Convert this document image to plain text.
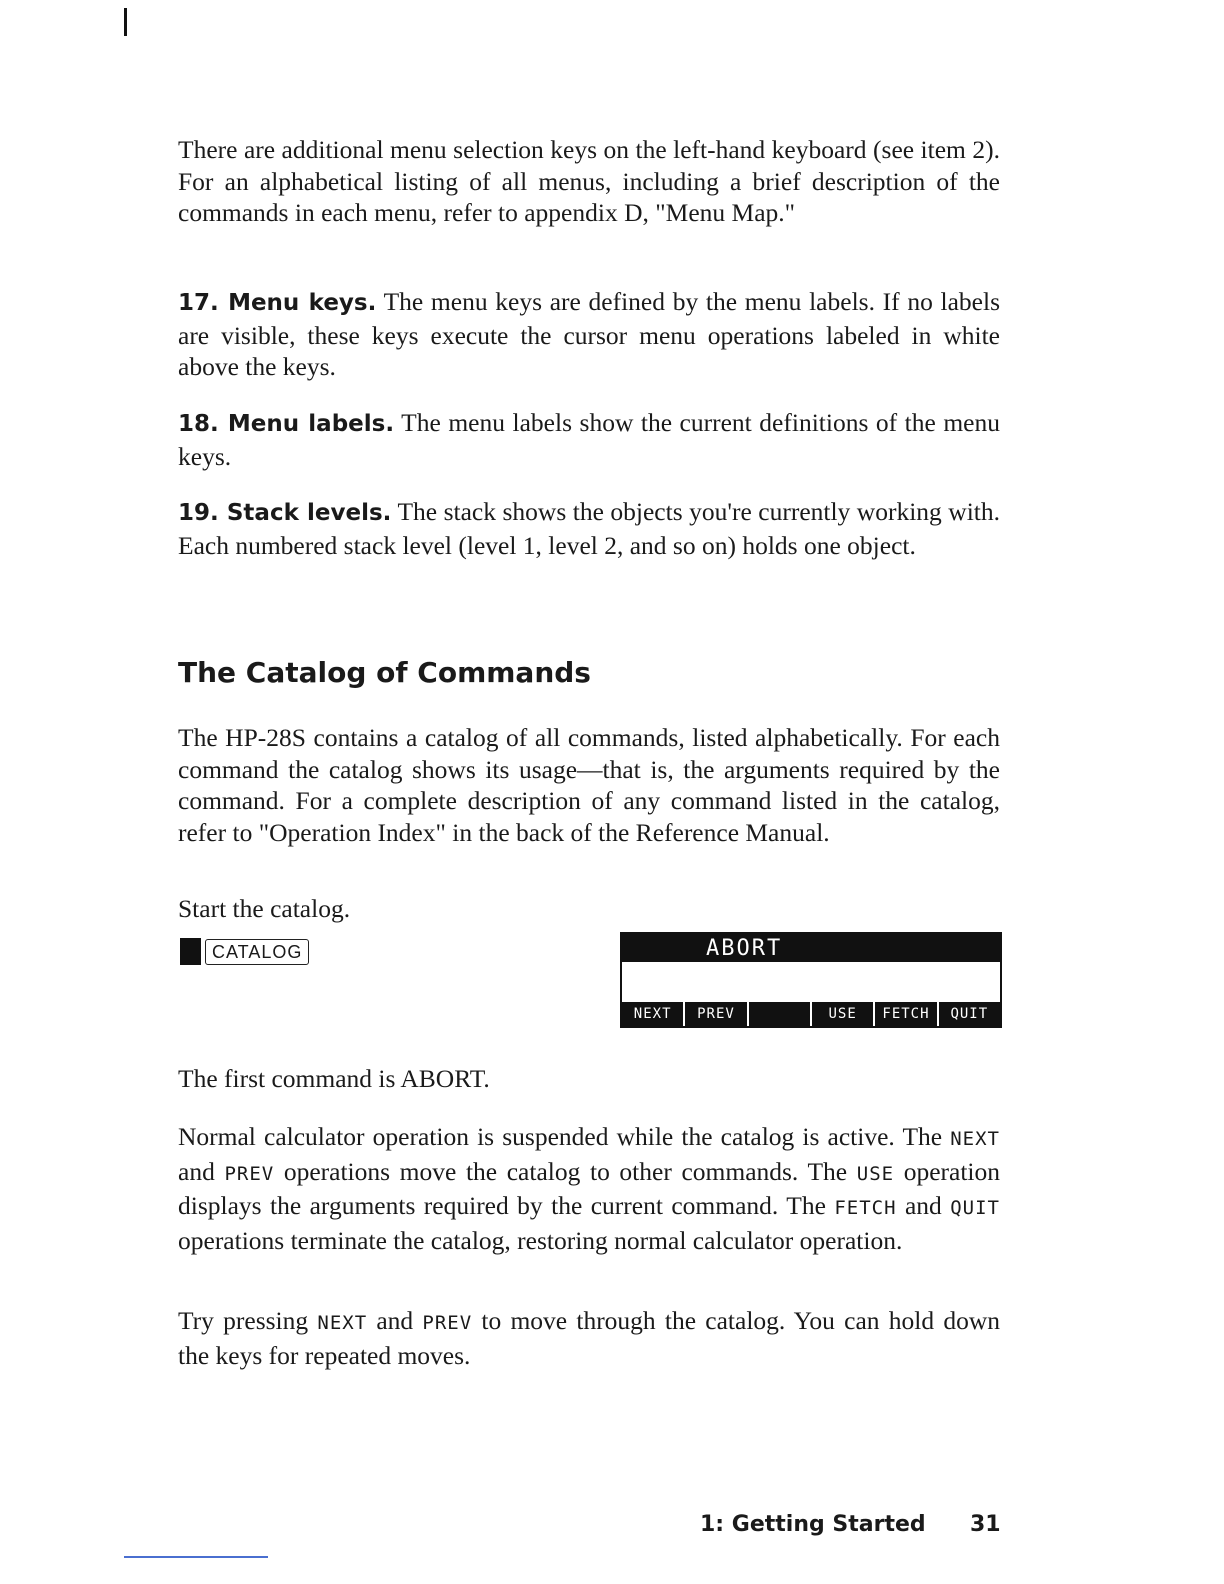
There are additional menu selection keys on the left-hand keyboard (see item 2). For an alphabetical listing of all menus, including a brief description of the commands in each menu, refer to appendix D, "Menu Map."

17. Menu keys. The menu keys are defined by the menu labels. If no labels are visible, these keys execute the cursor menu operations labeled in white above the keys.

18. Menu labels. The menu labels show the current definitions of the menu keys.

19. Stack levels. The stack shows the objects you're currently working with. Each numbered stack level (level 1, level 2, and so on) holds one object.

The Catalog of Commands

The HP-28S contains a catalog of all commands, listed alphabetically. For each command the catalog shows its usage—that is, the arguments required by the command. For a complete description of any command listed in the catalog, refer to "Operation Index" in the back of the Reference Manual.

Start the catalog.

CATALOG	ABORT
NEXT	PREV	USE	FETCH	QUIT

The first command is ABORT.

Normal calculator operation is suspended while the catalog is active. The NEXT and PREV operations move the catalog to other commands. The USE operation displays the arguments required by the current command. The FETCH and QUIT operations terminate the catalog, restoring normal calculator operation.

Try pressing NEXT and PREV to move through the catalog. You can hold down the keys for repeated moves.

1: Getting Started 31
